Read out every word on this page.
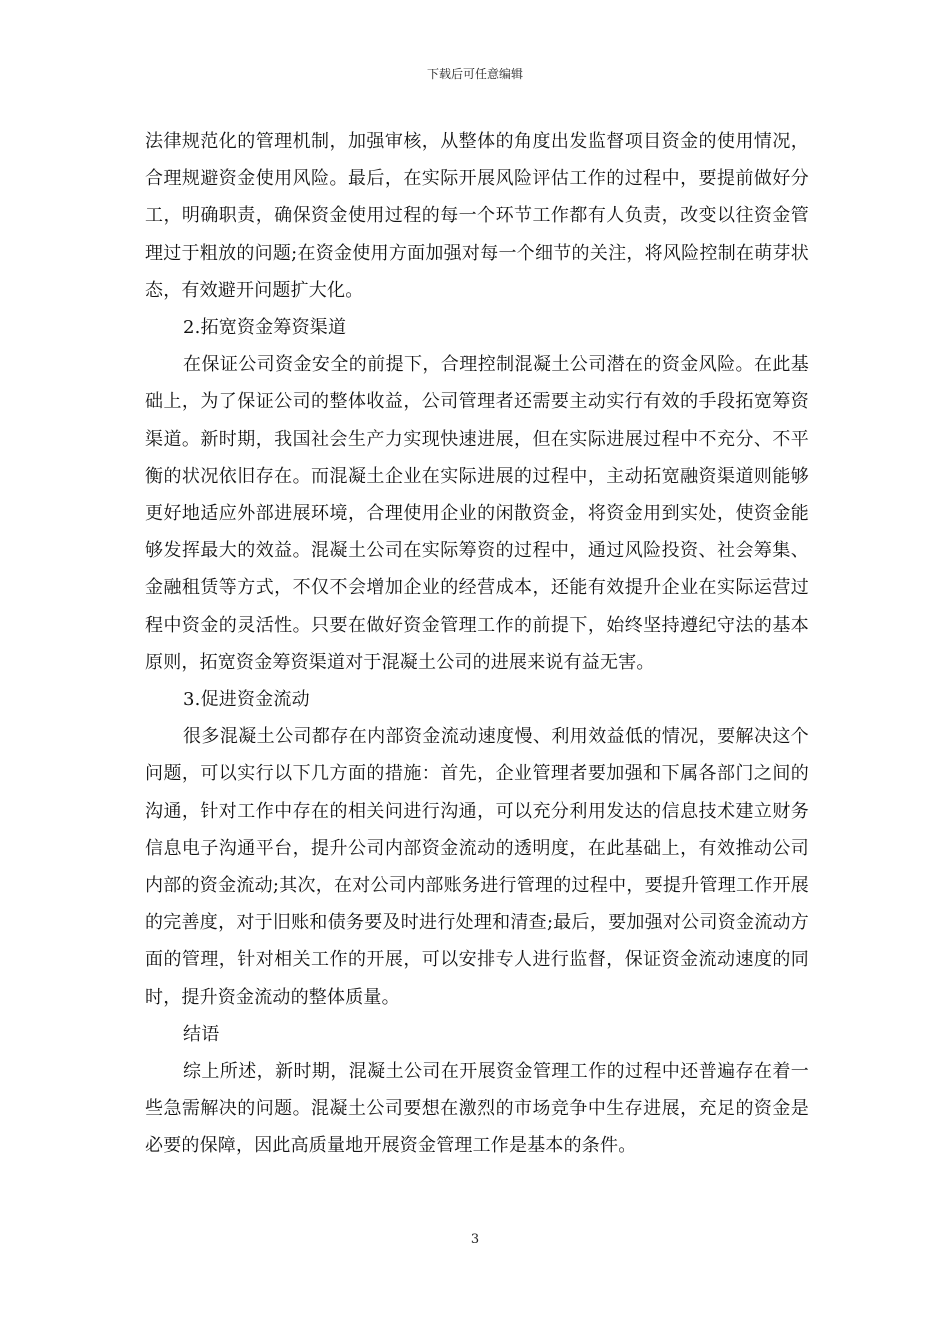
下载后可任意编辑

法律规范化的管理机制，加强审核，从整体的角度出发监督项目资金的使用情况，合理规避资金使用风险。最后，在实际开展风险评估工作的过程中，要提前做好分工，明确职责，确保资金使用过程的每一个环节工作都有人负责，改变以往资金管理过于粗放的问题;在资金使用方面加强对每一个细节的关注，将风险控制在萌芽状态，有效避开问题扩大化。

2.拓宽资金筹资渠道

在保证公司资金安全的前提下，合理控制混凝土公司潜在的资金风险。在此基础上，为了保证公司的整体收益，公司管理者还需要主动实行有效的手段拓宽筹资渠道。新时期，我国社会生产力实现快速进展，但在实际进展过程中不充分、不平衡的状况依旧存在。而混凝土企业在实际进展的过程中，主动拓宽融资渠道则能够更好地适应外部进展环境，合理使用企业的闲散资金，将资金用到实处，使资金能够发挥最大的效益。混凝土公司在实际筹资的过程中，通过风险投资、社会筹集、金融租赁等方式，不仅不会增加企业的经营成本，还能有效提升企业在实际运营过程中资金的灵活性。只要在做好资金管理工作的前提下，始终坚持遵纪守法的基本原则，拓宽资金筹资渠道对于混凝土公司的进展来说有益无害。

3.促进资金流动

很多混凝土公司都存在内部资金流动速度慢、利用效益低的情况，要解决这个问题，可以实行以下几方面的措施：首先，企业管理者要加强和下属各部门之间的沟通，针对工作中存在的相关问进行沟通，可以充分利用发达的信息技术建立财务信息电子沟通平台，提升公司内部资金流动的透明度，在此基础上，有效推动公司内部的资金流动;其次，在对公司内部账务进行管理的过程中，要提升管理工作开展的完善度，对于旧账和债务要及时进行处理和清查;最后，要加强对公司资金流动方面的管理，针对相关工作的开展，可以安排专人进行监督，保证资金流动速度的同时，提升资金流动的整体质量。

结语

综上所述，新时期，混凝土公司在开展资金管理工作的过程中还普遍存在着一些急需解决的问题。混凝土公司要想在激烈的市场竞争中生存进展，充足的资金是必要的保障，因此高质量地开展资金管理工作是基本的条件。

3
